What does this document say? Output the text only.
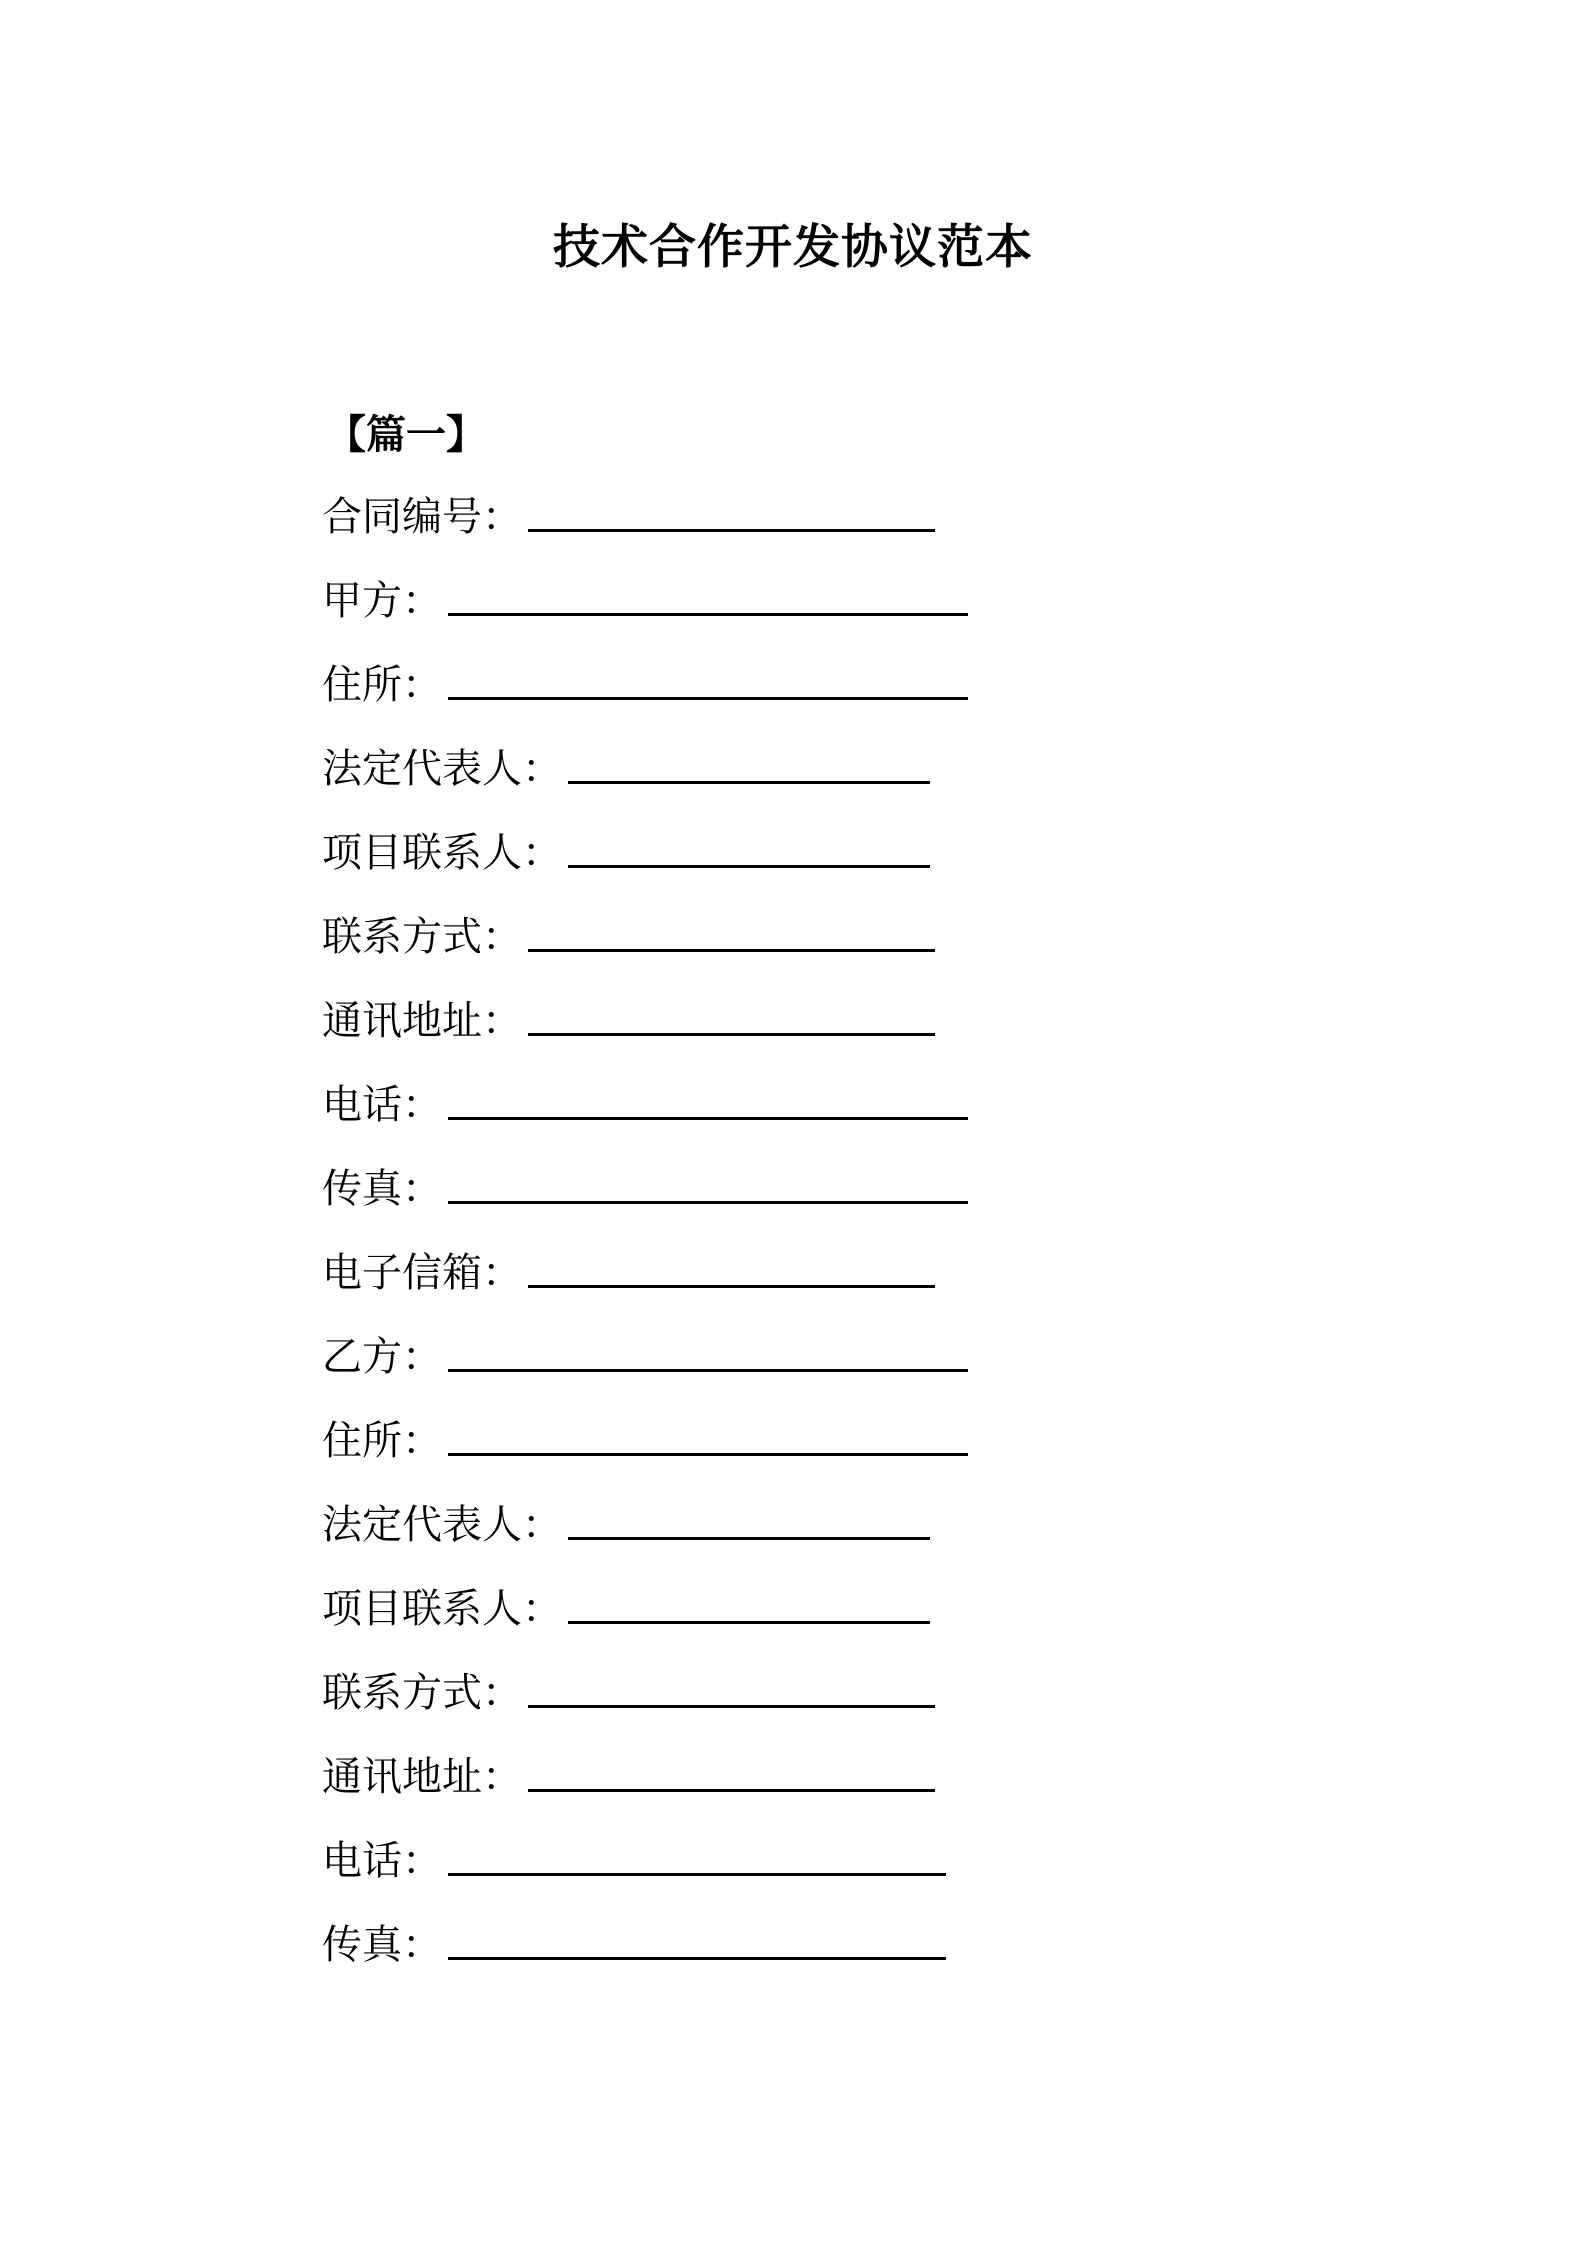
技术合作开发协议范本
【篇一】
合同编号：
甲方：
住所：
法定代表人：
项目联系人：
联系方式：
通讯地址：
电话：
传真：
电子信箱：
乙方：
住所：
法定代表人：
项目联系人：
联系方式：
通讯地址：
电话：
传真：
